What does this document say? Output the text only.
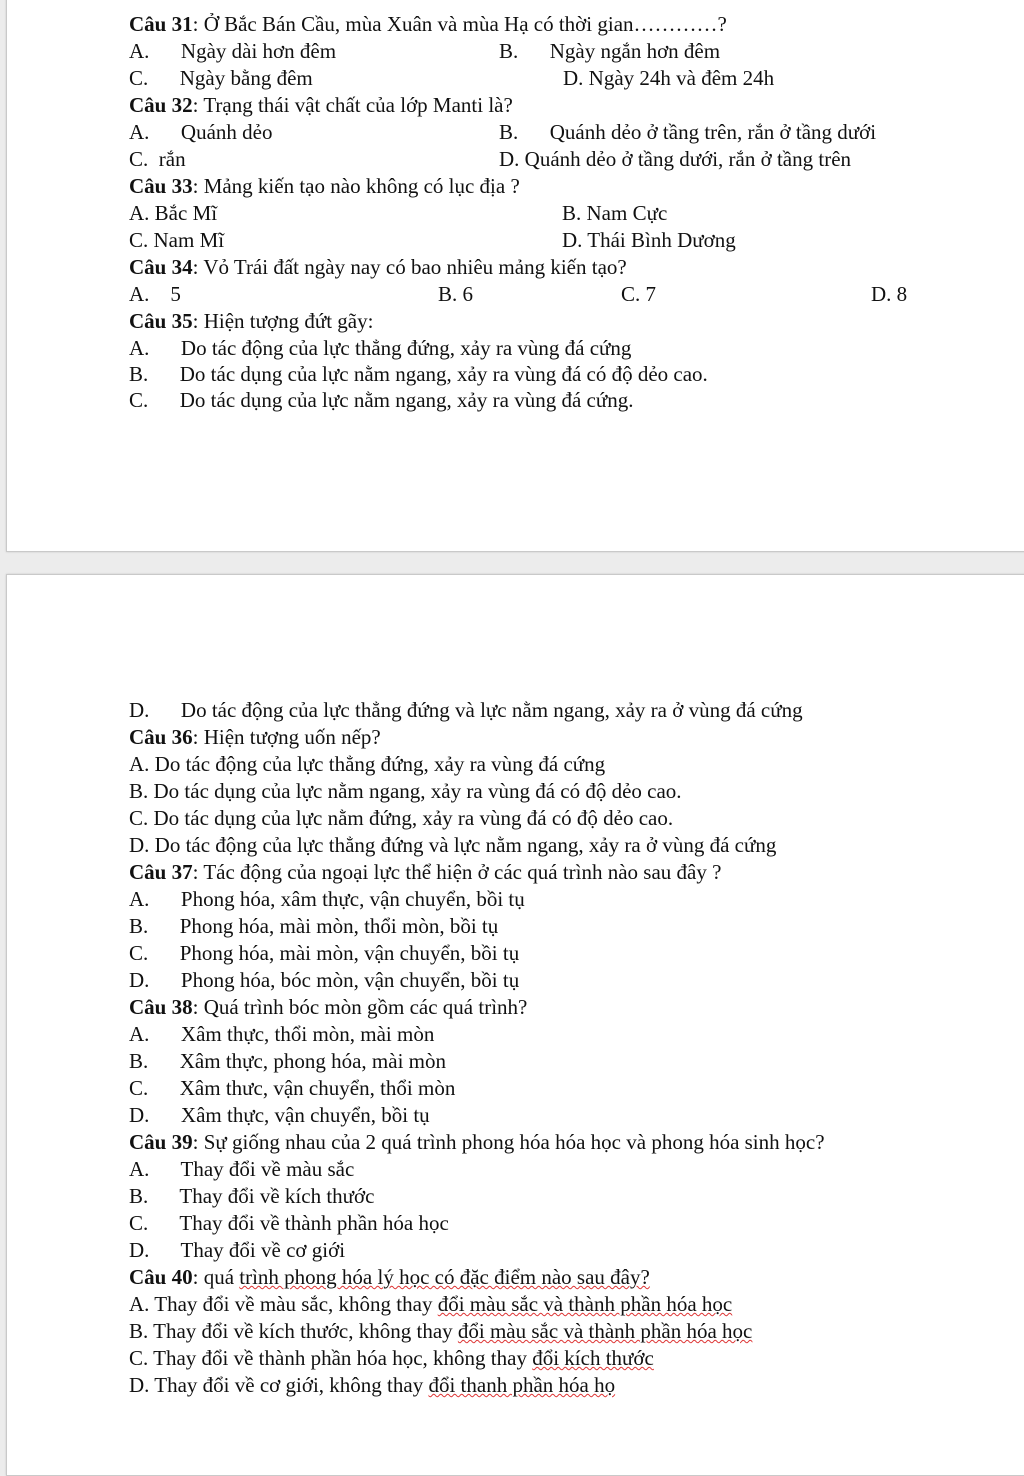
Câu 31: Ở Bắc Bán Cầu, mùa Xuân và mùa Hạ có thời gian…………?
A.      Ngày dài hơn đêm	B.      Ngày ngắn hơn đêm
C.      Ngày bằng đêm	D. Ngày 24h và đêm 24h
Câu 32: Trạng thái vật chất của lớp Manti là?
A.      Quánh dẻo	B.      Quánh dẻo ở tầng trên, rắn ở tầng dưới
C.  rắn	D. Quánh dẻo ở tầng dưới, rắn ở tầng trên
Câu 33: Mảng kiến tạo nào không có lục địa ?
A. Bắc Mĩ	B. Nam Cực
C. Nam Mĩ	D. Thái Bình Dương
Câu 34: Vỏ Trái đất ngày nay có bao nhiêu mảng kiến tạo?
A.    5	B. 6	C. 7	D. 8
Câu 35: Hiện tượng đứt gãy:
A.      Do tác động của lực thẳng đứng, xảy ra vùng đá cứng
B.      Do tác dụng của lực nằm ngang, xảy ra vùng đá có độ dẻo cao.
C.      Do tác dụng của lực nằm ngang, xảy ra vùng đá cứng.
D.      Do tác động của lực thẳng đứng và lực nằm ngang, xảy ra ở vùng đá cứng
Câu 36: Hiện tượng uốn nếp?
A. Do tác động của lực thẳng đứng, xảy ra vùng đá cứng
B. Do tác dụng của lực nằm ngang, xảy ra vùng đá có độ dẻo cao.
C. Do tác dụng của lực nằm đứng, xảy ra vùng đá có độ dẻo cao.
D. Do tác động của lực thẳng đứng và lực nằm ngang, xảy ra ở vùng đá cứng
Câu 37: Tác động của ngoại lực thể hiện ở các quá trình nào sau đây ?
A.      Phong hóa, xâm thực, vận chuyển, bồi tụ
B.      Phong hóa, mài mòn, thổi mòn, bồi tụ
C.      Phong hóa, mài mòn, vận chuyển, bồi tụ
D.      Phong hóa, bóc mòn, vận chuyển, bồi tụ
Câu 38: Quá trình bóc mòn gồm các quá trình?
A.      Xâm thực, thổi mòn, mài mòn
B.      Xâm thực, phong hóa, mài mòn
C.      Xâm thưc, vận chuyển, thổi mòn
D.      Xâm thực, vận chuyển, bồi tụ
Câu 39: Sự giống nhau của 2 quá trình phong hóa hóa học và phong hóa sinh học?
A.      Thay đổi về màu sắc
B.      Thay đổi về kích thước
C.      Thay đổi về thành phần hóa học
D.      Thay đổi về cơ giới
Câu 40: quá trình phong hóa lý học có đặc điểm nào sau đây?
A. Thay đổi về màu sắc, không thay đổi màu sắc và thành phần hóa học
B. Thay đổi về kích thước, không thay đổi màu sắc và thành phần hóa học
C. Thay đổi về thành phần hóa học, không thay đổi kích thước
D. Thay đổi về cơ giới, không thay đổi thanh phần hóa họ
